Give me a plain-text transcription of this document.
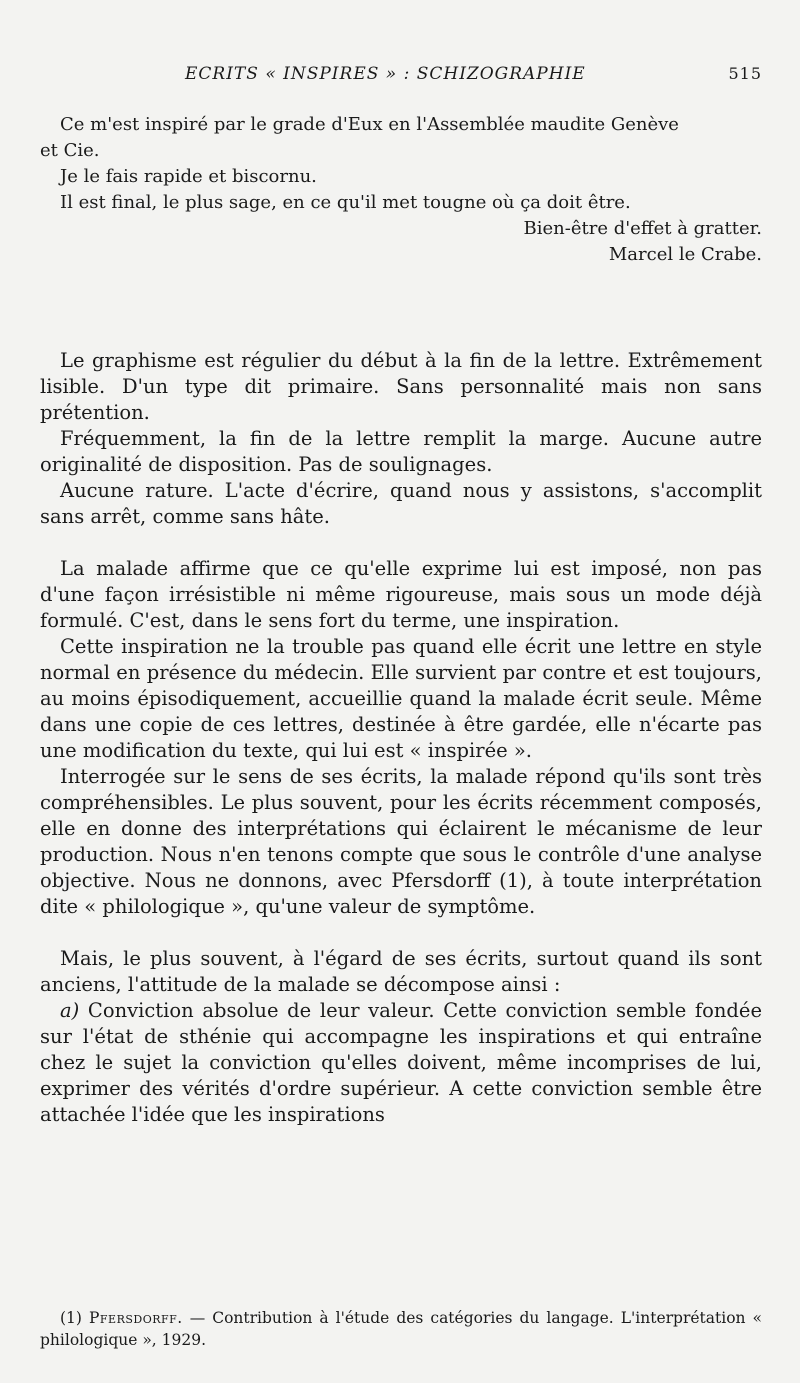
ECRITS « INSPIRES » : SCHIZOGRAPHIE	515

Ce m'est inspiré par le grade d'Eux en l'Assemblée maudite Genève

et Cie.

Je le fais rapide et biscornu.

Il est final, le plus sage, en ce qu'il met tougne où ça doit être.

Bien-être d'effet à gratter.

Marcel le Crabe.

Le graphisme est régulier du début à la fin de la lettre. Extrêmement lisible. D'un type dit primaire. Sans personnalité mais non sans prétention.

Fréquemment, la fin de la lettre remplit la marge. Aucune autre originalité de disposition. Pas de soulignages.

Aucune rature. L'acte d'écrire, quand nous y assistons, s'accomplit sans arrêt, comme sans hâte.

La malade affirme que ce qu'elle exprime lui est imposé, non pas d'une façon irrésistible ni même rigoureuse, mais sous un mode déjà formulé. C'est, dans le sens fort du terme, une inspiration.

Cette inspiration ne la trouble pas quand elle écrit une lettre en style normal en présence du médecin. Elle survient par contre et est toujours, au moins épisodiquement, accueillie quand la malade écrit seule. Même dans une copie de ces lettres, destinée à être gardée, elle n'écarte pas une modification du texte, qui lui est « inspirée ».

Interrogée sur le sens de ses écrits, la malade répond qu'ils sont très compréhensibles. Le plus souvent, pour les écrits récemment composés, elle en donne des interprétations qui éclairent le mécanisme de leur production. Nous n'en tenons compte que sous le contrôle d'une analyse objective. Nous ne donnons, avec Pfersdorff (1), à toute interprétation dite « philologique », qu'une valeur de symptôme.

Mais, le plus souvent, à l'égard de ses écrits, surtout quand ils sont anciens, l'attitude de la malade se décompose ainsi :

a) Conviction absolue de leur valeur. Cette conviction semble fondée sur l'état de sthénie qui accompagne les inspirations et qui entraîne chez le sujet la conviction qu'elles doivent, même incomprises de lui, exprimer des vérités d'ordre supérieur. A cette conviction semble être attachée l'idée que les inspirations

(1) Pfersdorff. — Contribution à l'étude des catégories du langage. L'interprétation « philologique », 1929.
